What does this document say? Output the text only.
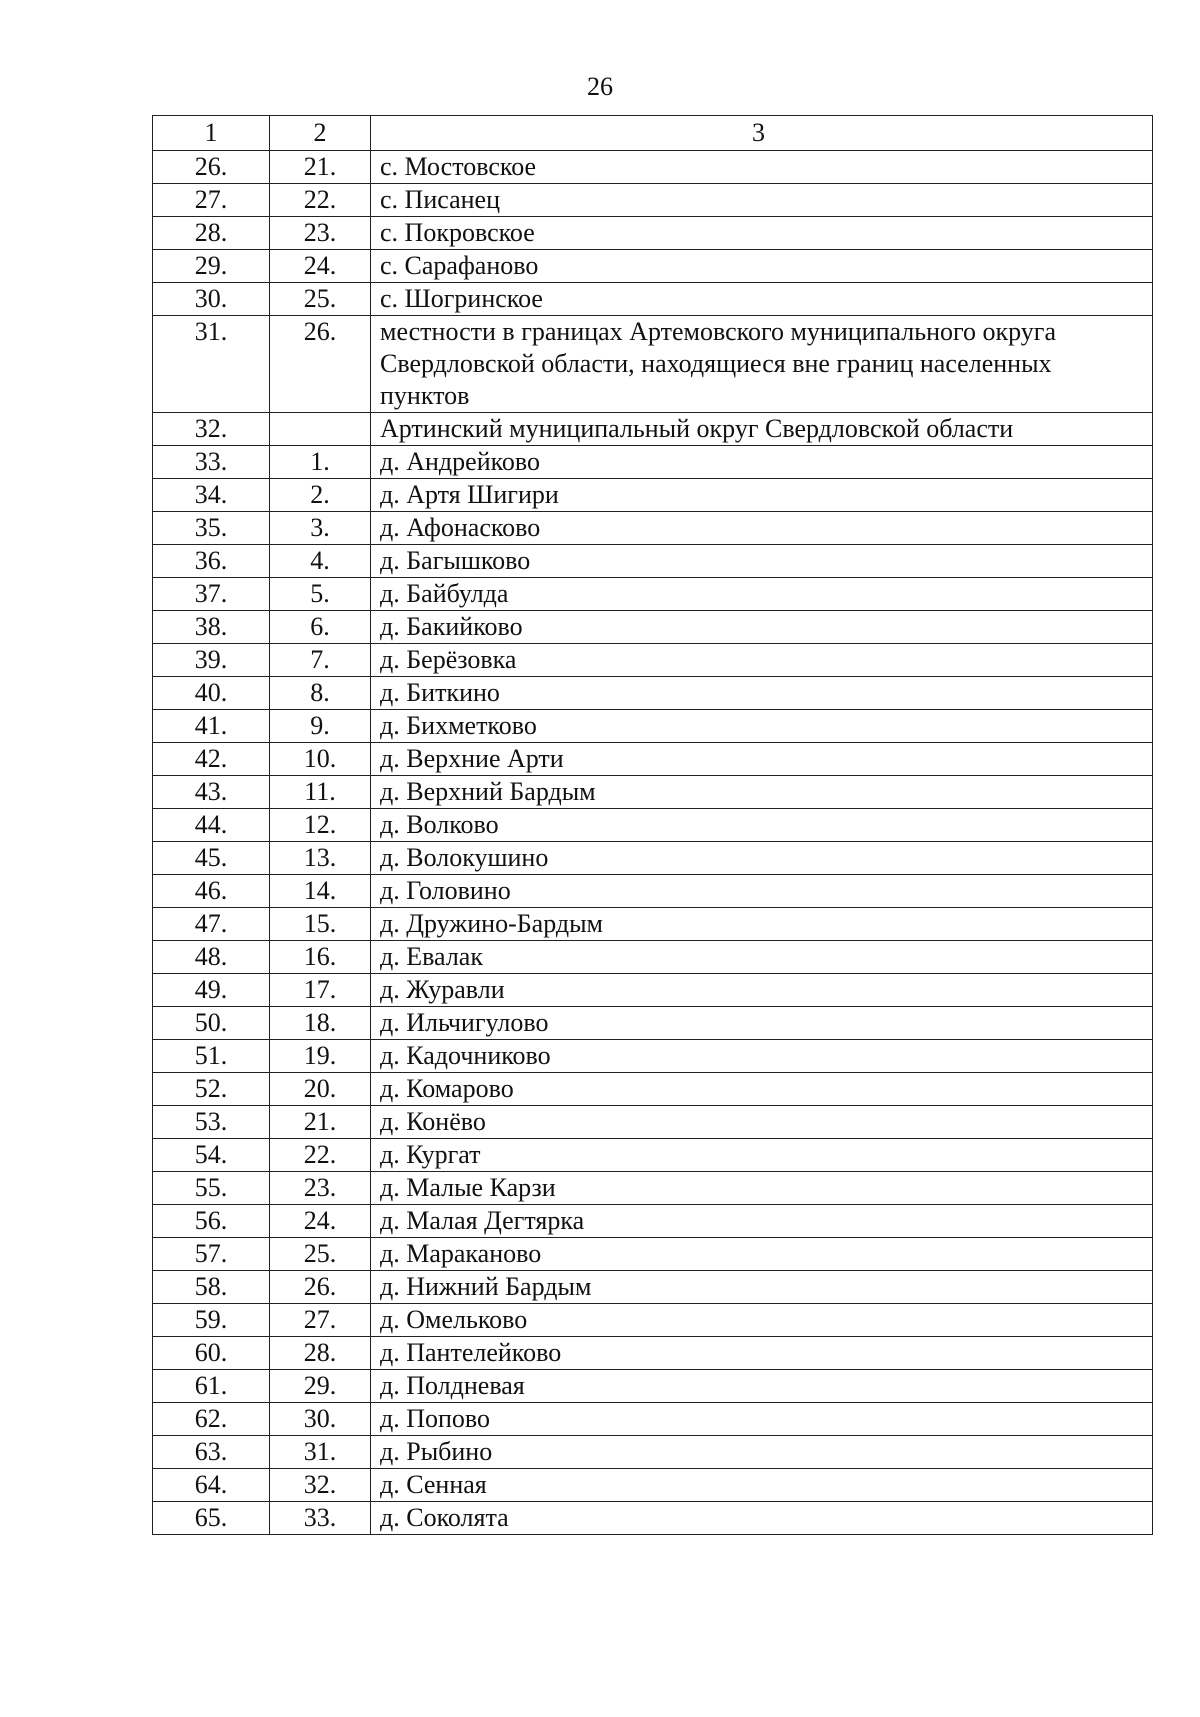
26
1	2	3
26.	21.	с. Мостовское
27.	22.	с. Писанец
28.	23.	с. Покровское
29.	24.	с. Сарафаново
30.	25.	с. Шогринское
31.	26.	местности в границах Артемовского муниципального округа Свердловской области, находящиеся вне границ населенных пунктов
32.		Артинский муниципальный округ Свердловской области
33.	1.	д. Андрейково
34.	2.	д. Артя Шигири
35.	3.	д. Афонасково
36.	4.	д. Багышково
37.	5.	д. Байбулда
38.	6.	д. Бакийково
39.	7.	д. Берёзовка
40.	8.	д. Биткино
41.	9.	д. Бихметково
42.	10.	д. Верхние Арти
43.	11.	д. Верхний Бардым
44.	12.	д. Волково
45.	13.	д. Волокушино
46.	14.	д. Головино
47.	15.	д. Дружино-Бардым
48.	16.	д. Евалак
49.	17.	д. Журавли
50.	18.	д. Ильчигулово
51.	19.	д. Кадочниково
52.	20.	д. Комарово
53.	21.	д. Конёво
54.	22.	д. Кургат
55.	23.	д. Малые Карзи
56.	24.	д. Малая Дегтярка
57.	25.	д. Мараканово
58.	26.	д. Нижний Бардым
59.	27.	д. Омельково
60.	28.	д. Пантелейково
61.	29.	д. Полдневая
62.	30.	д. Попово
63.	31.	д. Рыбино
64.	32.	д. Сенная
65.	33.	д. Соколята
